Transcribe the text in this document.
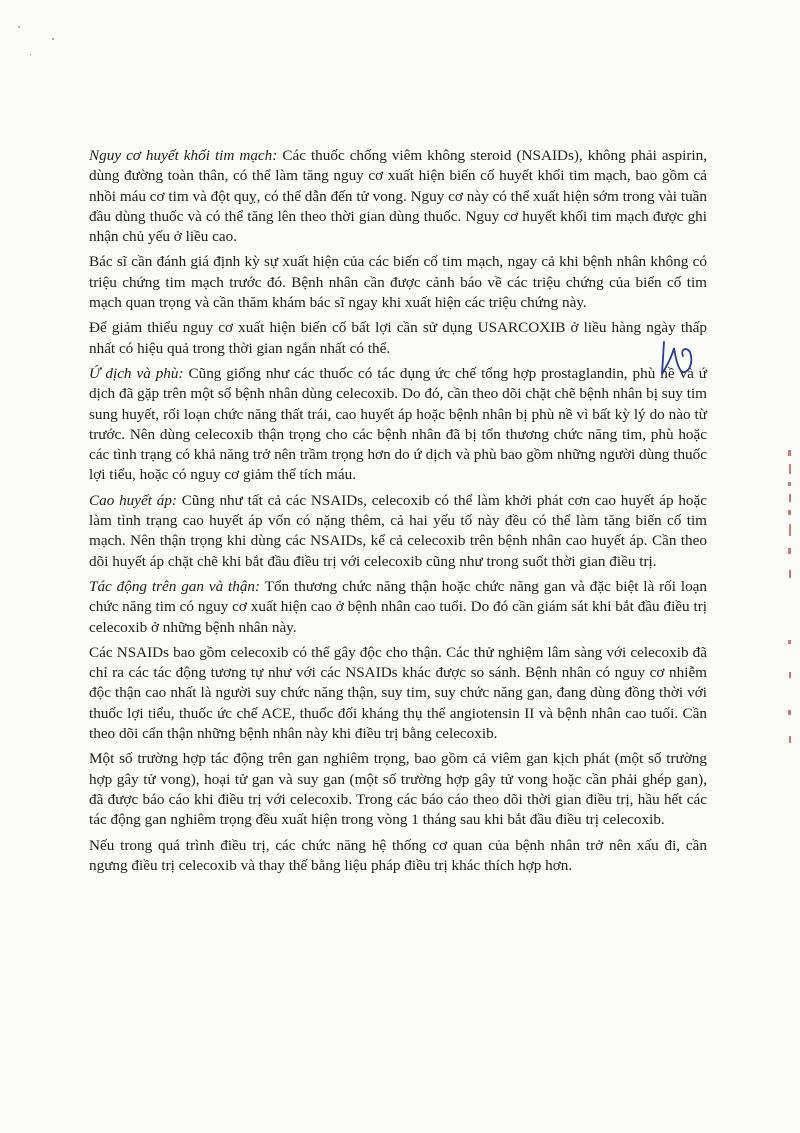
Nguy cơ huyết khối tim mạch: Các thuốc chống viêm không steroid (NSAIDs), không phải aspirin, dùng đường toàn thân, có thể làm tăng nguy cơ xuất hiện biến cố huyết khối tim mạch, bao gồm cả nhồi máu cơ tim và đột quỵ, có thể dẫn đến tử vong. Nguy cơ này có thể xuất hiện sớm trong vài tuần đầu dùng thuốc và có thể tăng lên theo thời gian dùng thuốc. Nguy cơ huyết khối tim mạch được ghi nhận chủ yếu ở liều cao.

Bác sĩ cần đánh giá định kỳ sự xuất hiện của các biến cố tim mạch, ngay cả khi bệnh nhân không có triệu chứng tim mạch trước đó. Bệnh nhân cần được cảnh báo về các triệu chứng của biến cố tim mạch quan trọng và cần thăm khám bác sĩ ngay khi xuất hiện các triệu chứng này.

Để giảm thiểu nguy cơ xuất hiện biến cố bất lợi cần sử dụng USARCOXIB ở liều hàng ngày thấp nhất có hiệu quả trong thời gian ngắn nhất có thể.

Ứ dịch và phù: Cũng giống như các thuốc có tác dụng ức chế tổng hợp prostaglandin, phù nề và ứ dịch đã gặp trên một số bệnh nhân dùng celecoxib. Do đó, cần theo dõi chặt chẽ bệnh nhân bị suy tim sung huyết, rối loạn chức năng thất trái, cao huyết áp hoặc bệnh nhân bị phù nề vì bất kỳ lý do nào từ trước. Nên dùng celecoxib thận trọng cho các bệnh nhân đã bị tổn thương chức năng tim, phù hoặc các tình trạng có khả năng trở nên trầm trọng hơn do ứ dịch và phù bao gồm những người dùng thuốc lợi tiểu, hoặc có nguy cơ giảm thể tích máu.

Cao huyết áp: Cũng như tất cả các NSAIDs, celecoxib có thể làm khởi phát cơn cao huyết áp hoặc làm tình trạng cao huyết áp vốn có nặng thêm, cả hai yếu tố này đều có thể làm tăng biến cố tim mạch. Nên thận trọng khi dùng các NSAIDs, kể cả celecoxib trên bệnh nhân cao huyết áp. Cần theo dõi huyết áp chặt chẽ khi bắt đầu điều trị với celecoxib cũng như trong suốt thời gian điều trị.

Tác động trên gan và thận: Tổn thương chức năng thận hoặc chức năng gan và đặc biệt là rối loạn chức năng tim có nguy cơ xuất hiện cao ở bệnh nhân cao tuổi. Do đó cần giám sát khi bắt đầu điều trị celecoxib ở những bệnh nhân này.

Các NSAIDs bao gồm celecoxib có thể gây độc cho thận. Các thử nghiệm lâm sàng với celecoxib đã chỉ ra các tác động tương tự như với các NSAIDs khác được so sánh. Bệnh nhân có nguy cơ nhiễm độc thận cao nhất là người suy chức năng thận, suy tim, suy chức năng gan, đang dùng đồng thời với thuốc lợi tiểu, thuốc ức chế ACE, thuốc đối kháng thụ thể angiotensin II và bệnh nhân cao tuổi. Cần theo dõi cẩn thận những bệnh nhân này khi điều trị bằng celecoxib.

Một số trường hợp tác động trên gan nghiêm trọng, bao gồm cả viêm gan kịch phát (một số trường hợp gây tử vong), hoại tử gan và suy gan (một số trường hợp gây tử vong hoặc cần phải ghép gan), đã được báo cáo khi điều trị với celecoxib. Trong các báo cáo theo dõi thời gian điều trị, hầu hết các tác động gan nghiêm trọng đều xuất hiện trong vòng 1 tháng sau khi bắt đầu điều trị celecoxib.

Nếu trong quá trình điều trị, các chức năng hệ thống cơ quan của bệnh nhân trở nên xấu đi, cần ngưng điều trị celecoxib và thay thế bằng liệu pháp điều trị khác thích hợp hơn.
